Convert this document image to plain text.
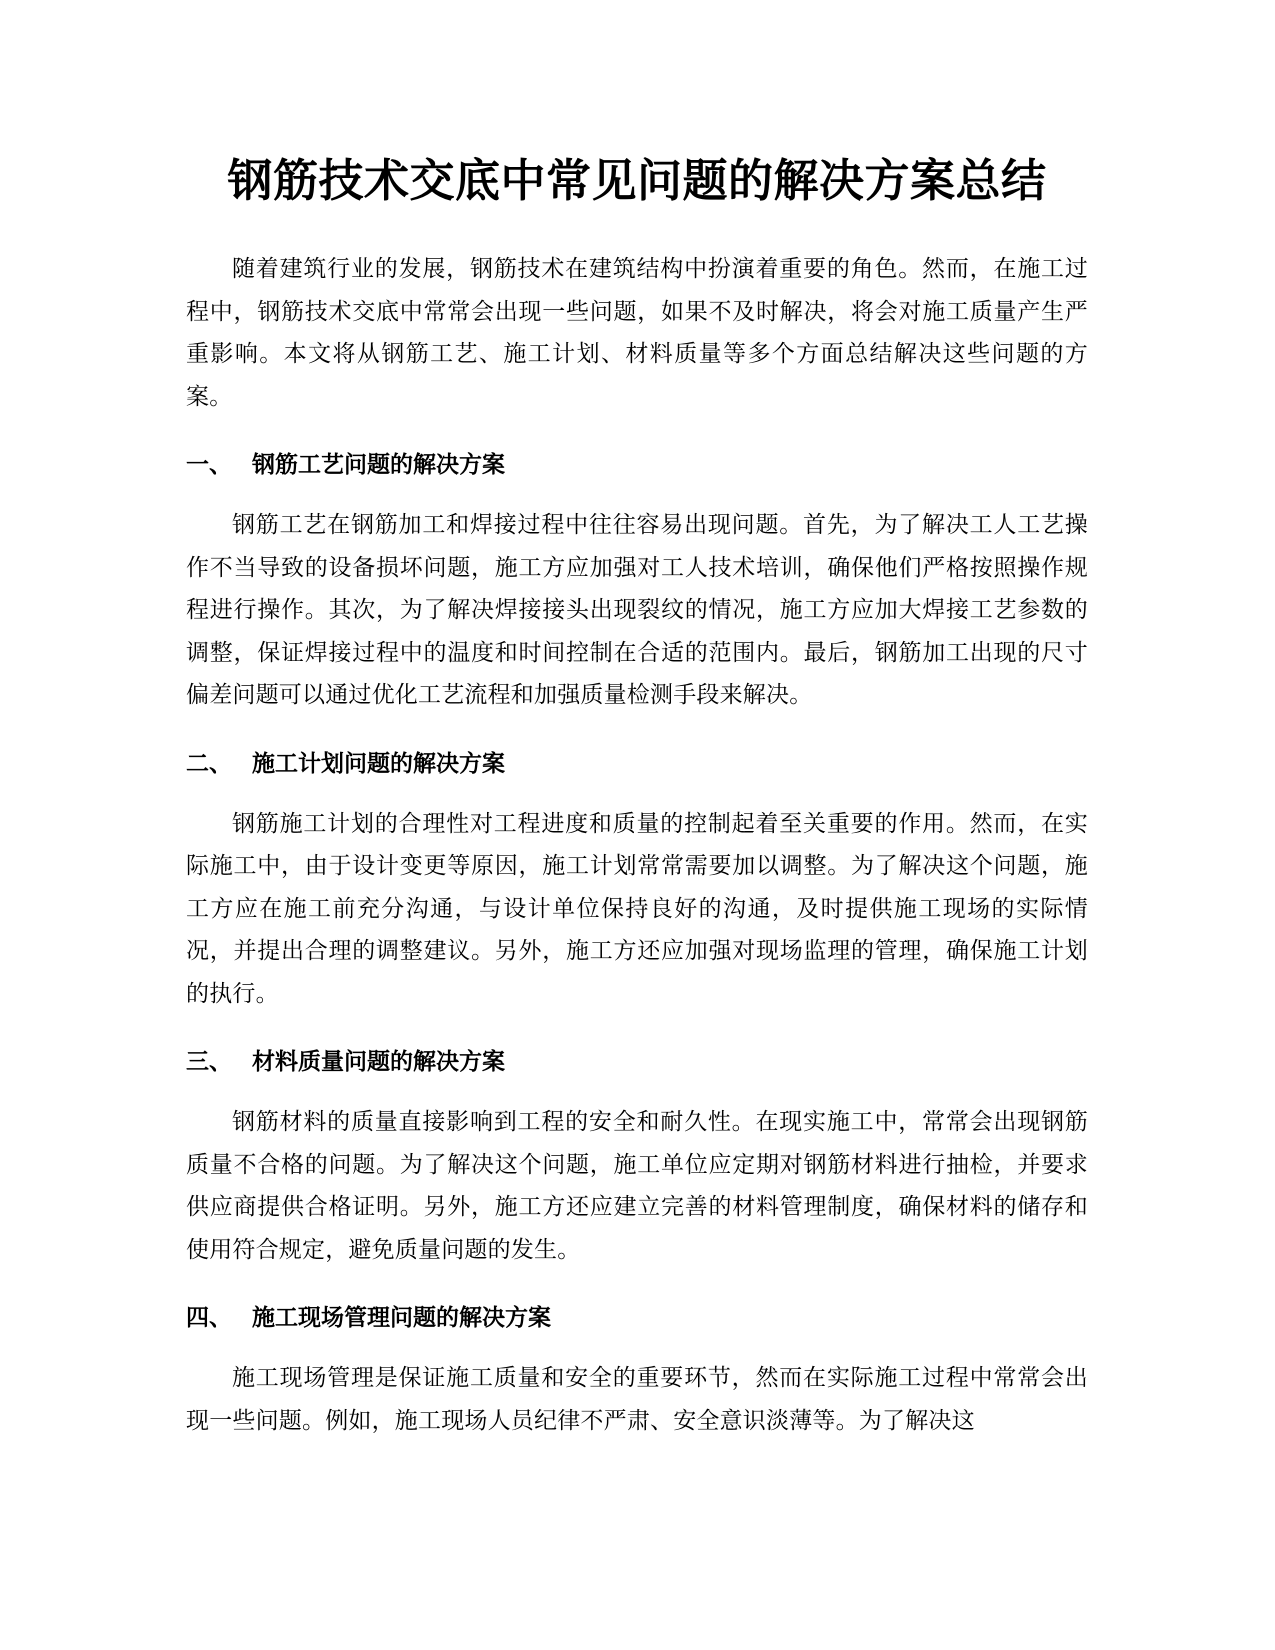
钢筋技术交底中常见问题的解决方案总结

随着建筑行业的发展，钢筋技术在建筑结构中扮演着重要的角色。然而，在施工过程中，钢筋技术交底中常常会出现一些问题，如果不及时解决，将会对施工质量产生严重影响。本文将从钢筋工艺、施工计划、材料质量等多个方面总结解决这些问题的方案。

一、 钢筋工艺问题的解决方案

钢筋工艺在钢筋加工和焊接过程中往往容易出现问题。首先，为了解决工人工艺操作不当导致的设备损坏问题，施工方应加强对工人技术培训，确保他们严格按照操作规程进行操作。其次，为了解决焊接接头出现裂纹的情况，施工方应加大焊接工艺参数的调整，保证焊接过程中的温度和时间控制在合适的范围内。最后，钢筋加工出现的尺寸偏差问题可以通过优化工艺流程和加强质量检测手段来解决。

二、 施工计划问题的解决方案

钢筋施工计划的合理性对工程进度和质量的控制起着至关重要的作用。然而，在实际施工中，由于设计变更等原因，施工计划常常需要加以调整。为了解决这个问题，施工方应在施工前充分沟通，与设计单位保持良好的沟通，及时提供施工现场的实际情况，并提出合理的调整建议。另外，施工方还应加强对现场监理的管理，确保施工计划的执行。

三、 材料质量问题的解决方案

钢筋材料的质量直接影响到工程的安全和耐久性。在现实施工中，常常会出现钢筋质量不合格的问题。为了解决这个问题，施工单位应定期对钢筋材料进行抽检，并要求供应商提供合格证明。另外，施工方还应建立完善的材料管理制度，确保材料的储存和使用符合规定，避免质量问题的发生。

四、 施工现场管理问题的解决方案

施工现场管理是保证施工质量和安全的重要环节，然而在实际施工过程中常常会出现一些问题。例如，施工现场人员纪律不严肃、安全意识淡薄等。为了解决这
